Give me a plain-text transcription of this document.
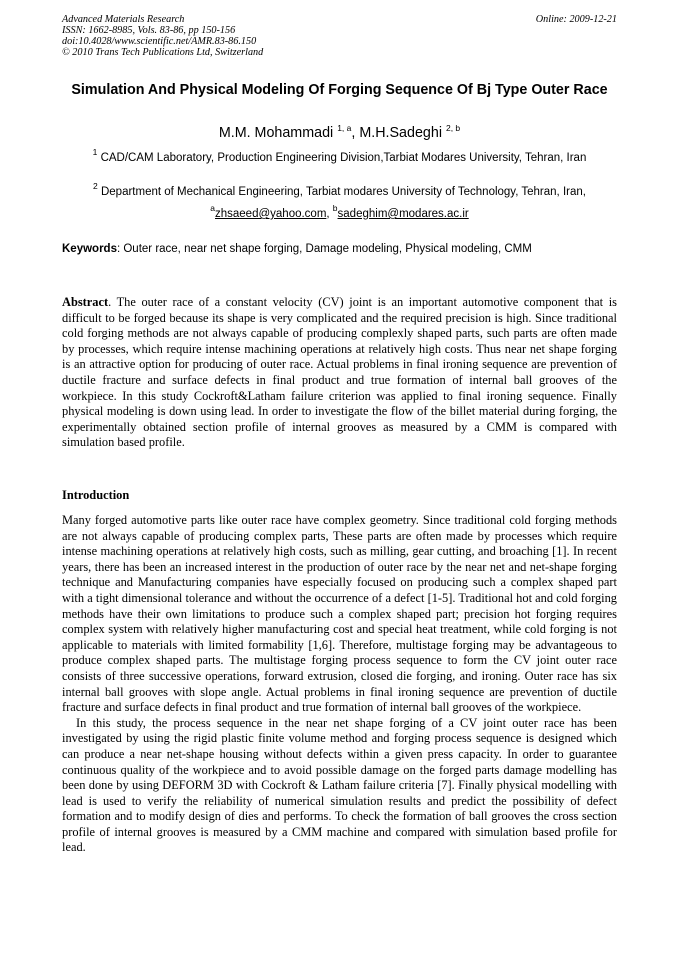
Advanced Materials Research
ISSN: 1662-8985, Vols. 83-86, pp 150-156
doi:10.4028/www.scientific.net/AMR.83-86.150
© 2010 Trans Tech Publications Ltd, Switzerland
Online: 2009-12-21
Simulation And Physical Modeling Of Forging Sequence Of Bj Type Outer Race
M.M. Mohammadi $^{1, a}$, M.H.Sadeghi $^{2, b}$
$^1$ CAD/CAM Laboratory, Production Engineering Division,Tarbiat Modares University, Tehran, Iran
$^2$ Department of Mechanical Engineering, Tarbiat modares University of Technology, Tehran, Iran,
$^a$zhsaeed@yahoo.com, $^b$sadeghim@modares.ac.ir
Keywords: Outer race, near net shape forging, Damage modeling, Physical modeling, CMM
Abstract. The outer race of a constant velocity (CV) joint is an important automotive component that is difficult to be forged because its shape is very complicated and the required precision is high. Since traditional cold forging methods are not always capable of producing complexly shaped parts, such parts are often made by processes, which require intense machining operations at relatively high costs. Thus near net shape forging is an attractive option for producing of outer race. Actual problems in final ironing sequence are prevention of ductile fracture and surface defects in final product and true formation of internal ball grooves of the workpiece. In this study Cockroft&Latham failure criterion was applied to final ironing sequence. Finally physical modeling is down using lead. In order to investigate the flow of the billet material during forging, the experimentally obtained section profile of internal grooves as measured by a CMM is compared with simulation based profile.
Introduction

Many forged automotive parts like outer race have complex geometry. Since traditional cold forging methods are not always capable of producing complex parts, These parts are often made by processes which require intense machining operations at relatively high costs, such as milling, gear cutting, and broaching [1]. In recent years, there has been an increased interest in the production of outer race by the near net and net-shape forging technique and Manufacturing companies have especially focused on producing such a complex shaped part with a tight dimensional tolerance and without the occurrence of a defect [1-5]. Traditional hot and cold forging methods have their own limitations to produce such a complex shaped part; precision hot forging requires complex system with relatively higher manufacturing cost and special heat treatment, while cold forging is not applicable to materials with limited formability [1,6]. Therefore, multistage forging may be advantageous to produce complex shaped parts. The multistage forging process sequence to form the CV joint outer race consists of three successive operations, forward extrusion, closed die forging, and ironing. Outer race has six internal ball grooves with slope angle. Actual problems in final ironing sequence are prevention of ductile fracture and surface defects in final product and true formation of internal ball grooves of the workpiece.

In this study, the process sequence in the near net shape forging of a CV joint outer race has been investigated by using the rigid plastic finite volume method and forging process sequence is designed which can produce a near net-shape housing without defects within a given press capacity. In order to guarantee continuous quality of the workpiece and to avoid possible damage on the forged parts damage modelling has been done by using DEFORM 3D with Cockroft & Latham failure criteria [7]. Finally physical modelling with lead is used to verify the reliability of numerical simulation results and predict the possibility of defect formation and to modify design of dies and performs. To check the formation of ball grooves the cross section profile of internal grooves is measured by a CMM machine and compared with simulation based profile for lead.
